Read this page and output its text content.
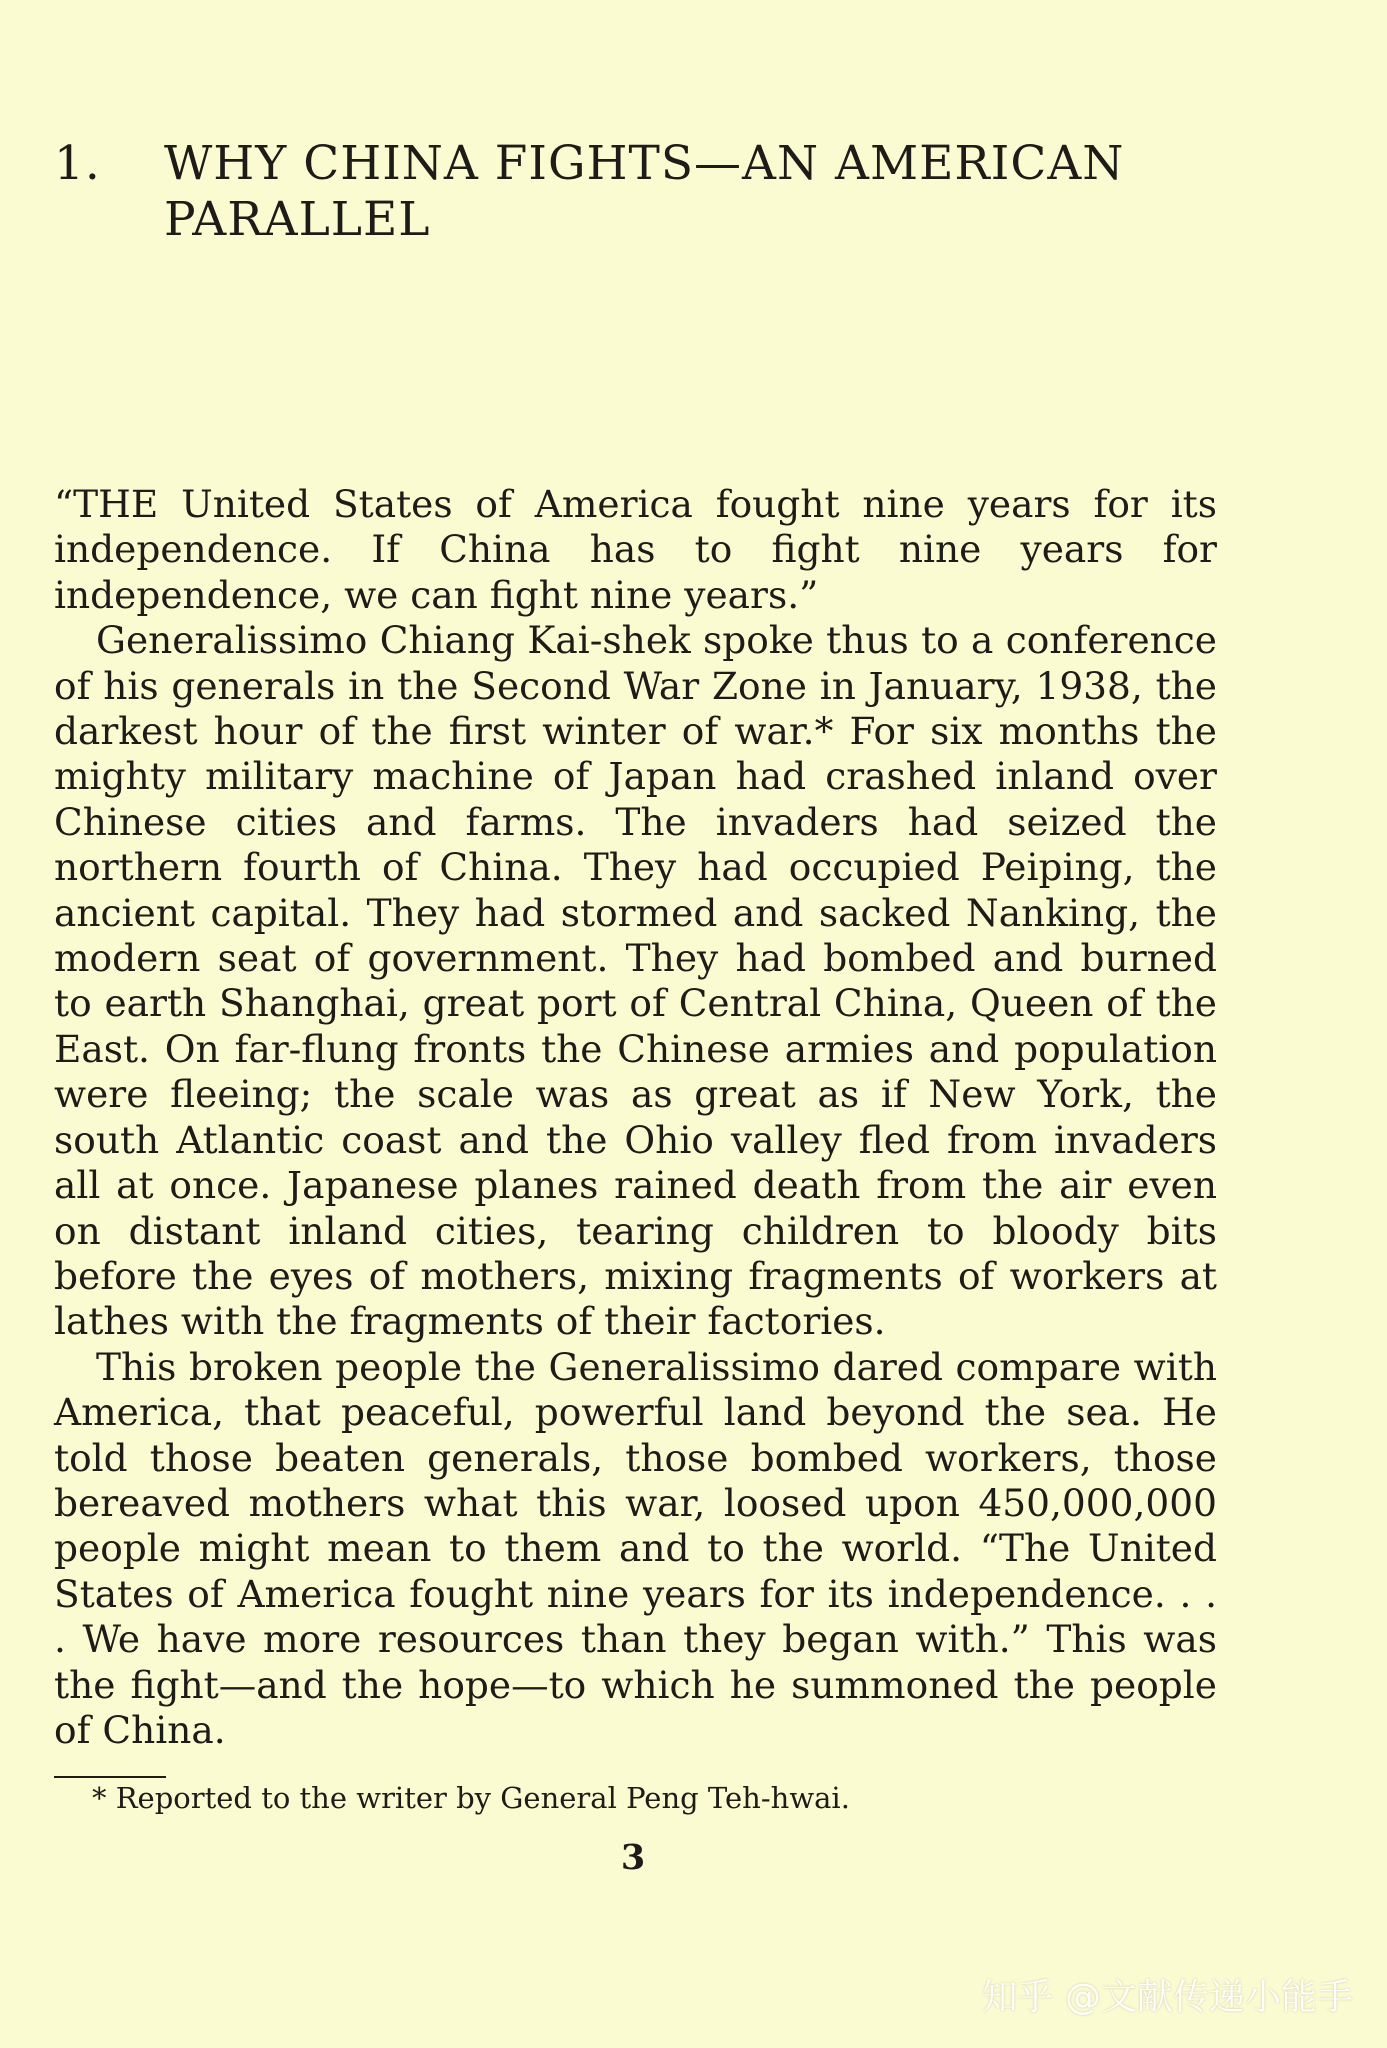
1. WHY CHINA FIGHTS—AN AMERICAN PARALLEL

“THE United States of America fought nine years for its independence. If China has to fight nine years for independence, we can fight nine years.”

Generalissimo Chiang Kai-shek spoke thus to a conference of his generals in the Second War Zone in January, 1938, the darkest hour of the first winter of war.* For six months the mighty military machine of Japan had crashed inland over Chinese cities and farms. The invaders had seized the northern fourth of China. They had occupied Peiping, the ancient capital. They had stormed and sacked Nanking, the modern seat of government. They had bombed and burned to earth Shanghai, great port of Central China, Queen of the East. On far-flung fronts the Chinese armies and population were fleeing; the scale was as great as if New York, the south Atlantic coast and the Ohio valley fled from invaders all at once. Japanese planes rained death from the air even on distant inland cities, tearing children to bloody bits before the eyes of mothers, mixing fragments of workers at lathes with the fragments of their factories.

This broken people the Generalissimo dared compare with America, that peaceful, powerful land beyond the sea. He told those beaten generals, those bombed workers, those bereaved mothers what this war, loosed upon 450,000,000 people might mean to them and to the world. “The United States of America fought nine years for its independence. . . . We have more resources than they began with.” This was the fight—and the hope—to which he summoned the people of China.

* Reported to the writer by General Peng Teh-hwai.
3
知乎 @文献传递小能手
